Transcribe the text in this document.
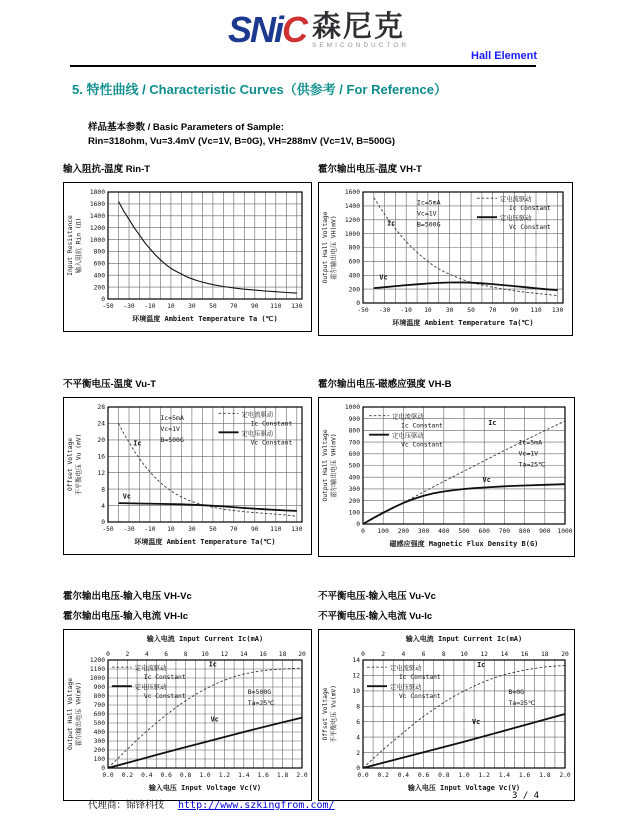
SNiC 森尼克
SEMICONDUCTOR
Hall Element
5. 特性曲线 / Characteristic Curves（供参考 / For Reference）
样品基本参数 / Basic Parameters of Sample:
Rin=318ohm, Vu=3.4mV (Vc=1V, B=0G), VH=288mV (Vc=1V, B=500G)
输入阻抗-温度 Rin-T
0
200
400
600
800
1000
1200
1400
1600
1800
-50 -30 -10 10 30 50 70 90 110 130
环境温度 Ambient Temperature Ta (℃)
Input Resistance 输入阻抗 Rin (Ω)
霍尔输出电压-温度 VH-T
0
200
400
600
800
1000
1200
1400
1600
-50 -30 -10 10 30 50 70 90 110 130
环境温度 Ambient Temperature Ta(℃)
Output Hall Voltage 霍尔输出电压 VH(mV)	Ic
Vc
定电流驱动
Ic Constant
定电压驱动
Vc Constant
Ic=5mA
Vc=1V
B=500G
不平衡电压-温度 Vu-T
0
4
8
12
16
20
24
28
-50 -30 -10 10 30 50 70 90 110 130
环境温度 Ambient Temperature Ta(℃)
Offset Voltage 不平衡电压 Vu (mV)	Ic
Vc
定电流驱动
Ic Constant
定电压驱动
Vc Constant
Ic=5mA
Vc=1V
B=500G
霍尔输出电压-磁感应强度 VH-B
0
100
200
300
400
500
600
700
800
900
1000
0 100 200 300 400 500 600 700 800 900 1000
磁感应强度 Magnetic Flux Density B(G)
Output Hall Voltage 霍尔输出电压 VH(mV)
Ic
Vc
定电流驱动
Ic Constant
定电压驱动
Vc Constant	Ic=5mA
Vc=1V
Ta=25℃
霍尔输出电压-输入电压 VH-Vc
霍尔输出电压-输入电流 VH-Ic
0
100
200
300
400
500
600
700
800
900
1000
1100
1200
0.0 0.2 0.4 0.6 0.8 1.0 1.2 1.4 1.6 1.8 2.0
0 2 4 6 8 10 12 14 16 18 20
输入电压 Input Voltage Vc(V)
输入电流 Input Current Ic(mA)
Output Hall Voltage 霍尔输出电压 VH(mV)
Ic
Vc
定电流驱动
Ic Constant
定电压驱动
Vc Constant
B=500G
Ta=25℃
不平衡电压-输入电压 Vu-Vc
不平衡电压-输入电流 Vu-Ic
0
2
4
6
8
10
12
14
0.0 0.2 0.4 0.6 0.8 1.0 1.2 1.4 1.6 1.8 2.0
0	2	4	6	8 10 12 14 16 18 20
输入电压 Input Voltage Vc(V)
输入电流 Input Current Ic(mA)
Offset Voltage 不平衡电压 Vu(mV)
Ic
Vc
定电流驱动
Ic Constant
定电压驱动
Vc Constant
B=0G
Ta=25℃
代理商：锦锋科技 http://www.szkingfrom.com/
3 / 4
